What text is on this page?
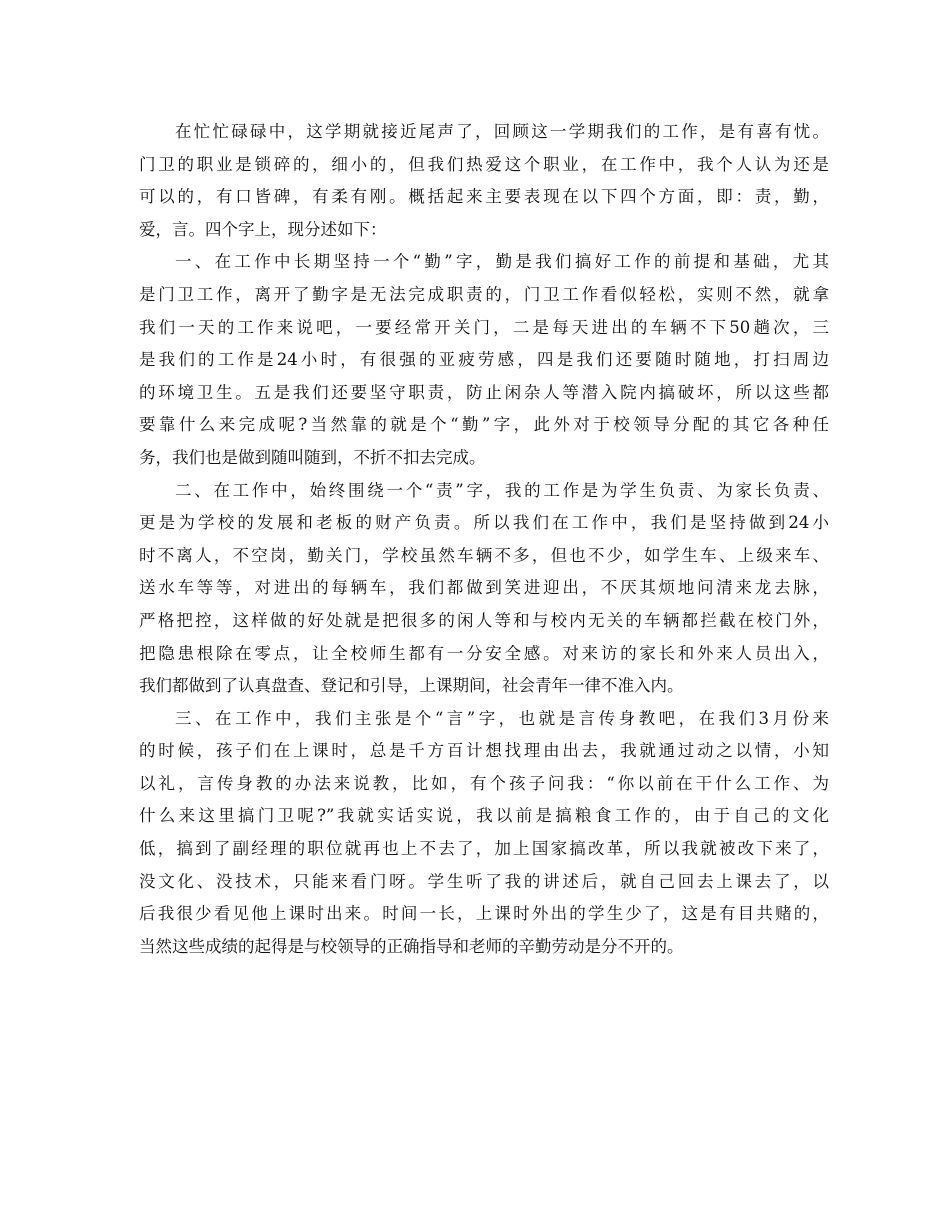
在忙忙碌碌中，这学期就接近尾声了，回顾这一学期我们的工作，是有喜有忧。
门卫的职业是锁碎的，细小的，但我们热爱这个职业，在工作中，我个人认为还是
可以的，有口皆碑，有柔有刚。概括起来主要表现在以下四个方面，即：责，勤，
爱，言。四个字上，现分述如下：
一、在工作中长期坚持一个“勤”字，勤是我们搞好工作的前提和基础，尤其
是门卫工作，离开了勤字是无法完成职责的，门卫工作看似轻松，实则不然，就拿
我们一天的工作来说吧，一要经常开关门，二是每天进出的车辆不下50趟次，三
是我们的工作是24小时，有很强的亚疲劳感，四是我们还要随时随地，打扫周边
的环境卫生。五是我们还要坚守职责，防止闲杂人等潜入院内搞破坏，所以这些都
要靠什么来完成呢?当然靠的就是个“勤”字，此外对于校领导分配的其它各种任
务，我们也是做到随叫随到，不折不扣去完成。
二、在工作中，始终围绕一个“责”字，我的工作是为学生负责、为家长负责、
更是为学校的发展和老板的财产负责。所以我们在工作中，我们是坚持做到24小
时不离人，不空岗，勤关门，学校虽然车辆不多，但也不少，如学生车、上级来车、
送水车等等，对进出的每辆车，我们都做到笑进迎出，不厌其烦地问清来龙去脉，
严格把控，这样做的好处就是把很多的闲人等和与校内无关的车辆都拦截在校门外，
把隐患根除在零点，让全校师生都有一分安全感。对来访的家长和外来人员出入，
我们都做到了认真盘查、登记和引导，上课期间，社会青年一律不准入内。
三、在工作中，我们主张是个“言”字，也就是言传身教吧，在我们3月份来
的时候，孩子们在上课时，总是千方百计想找理由出去，我就通过动之以情，小知
以礼，言传身教的办法来说教，比如，有个孩子问我：“你以前在干什么工作、为
什么来这里搞门卫呢?”我就实话实说，我以前是搞粮食工作的，由于自己的文化
低，搞到了副经理的职位就再也上不去了，加上国家搞改革，所以我就被改下来了，
没文化、没技术，只能来看门呀。学生听了我的讲述后，就自己回去上课去了，以
后我很少看见他上课时出来。时间一长，上课时外出的学生少了，这是有目共赌的，
当然这些成绩的起得是与校领导的正确指导和老师的辛勤劳动是分不开的。
